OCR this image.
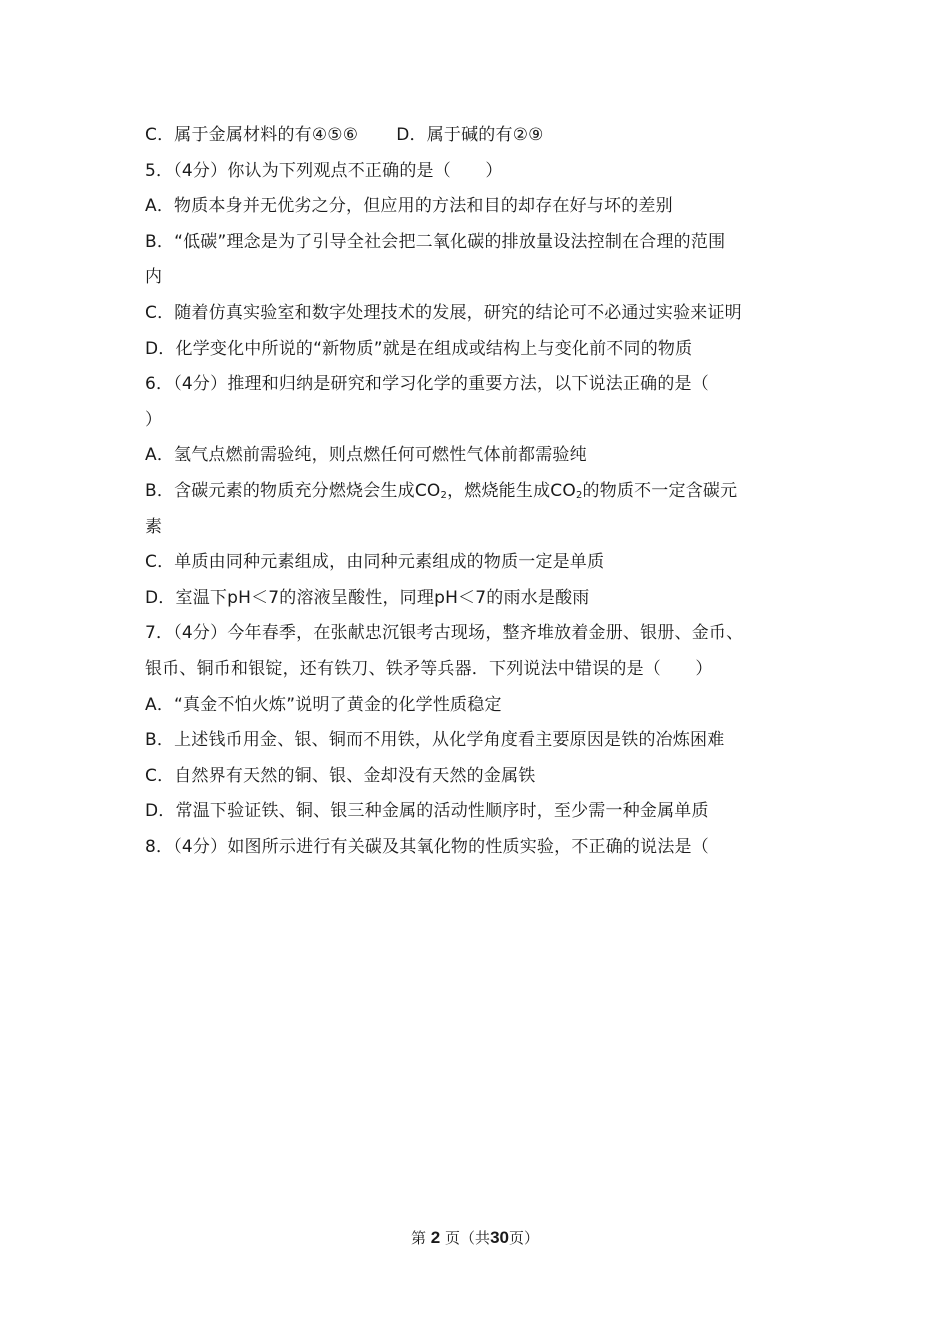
C．属于金属材料的有④⑤⑥ D．属于碱的有②⑨
5．（4分）你认为下列观点不正确的是（　　）
A．物质本身并无优劣之分，但应用的方法和目的却存在好与坏的差别
B．“低碳”理念是为了引导全社会把二氧化碳的排放量设法控制在合理的范围
内
C．随着仿真实验室和数字处理技术的发展，研究的结论可不必通过实验来证明
D．化学变化中所说的“新物质”就是在组成或结构上与变化前不同的物质
6．（4分）推理和归纳是研究和学习化学的重要方法，以下说法正确的是（
）
A．氢气点燃前需验纯，则点燃任何可燃性气体前都需验纯
B．含碳元素的物质充分燃烧会生成$CO_2$，燃烧能生成$CO_2$的物质不一定含碳元
素
C．单质由同种元素组成，由同种元素组成的物质一定是单质
D．室温下pH＜7的溶液呈酸性，同理pH＜7的雨水是酸雨
7．（4分）今年春季，在张献忠沉银考古现场，整齐堆放着金册、银册、金币、
银币、铜币和银锭，还有铁刀、铁矛等兵器．下列说法中错误的是（　　）
A．“真金不怕火炼”说明了黄金的化学性质稳定
B．上述钱币用金、银、铜而不用铁，从化学角度看主要原因是铁的冶炼困难
C．自然界有天然的铜、银、金却没有天然的金属铁
D．常温下验证铁、铜、银三种金属的活动性顺序时，至少需一种金属单质
8．（4分）如图所示进行有关碳及其氧化物的性质实验，不正确的说法是（
第 2 页（共30页）
